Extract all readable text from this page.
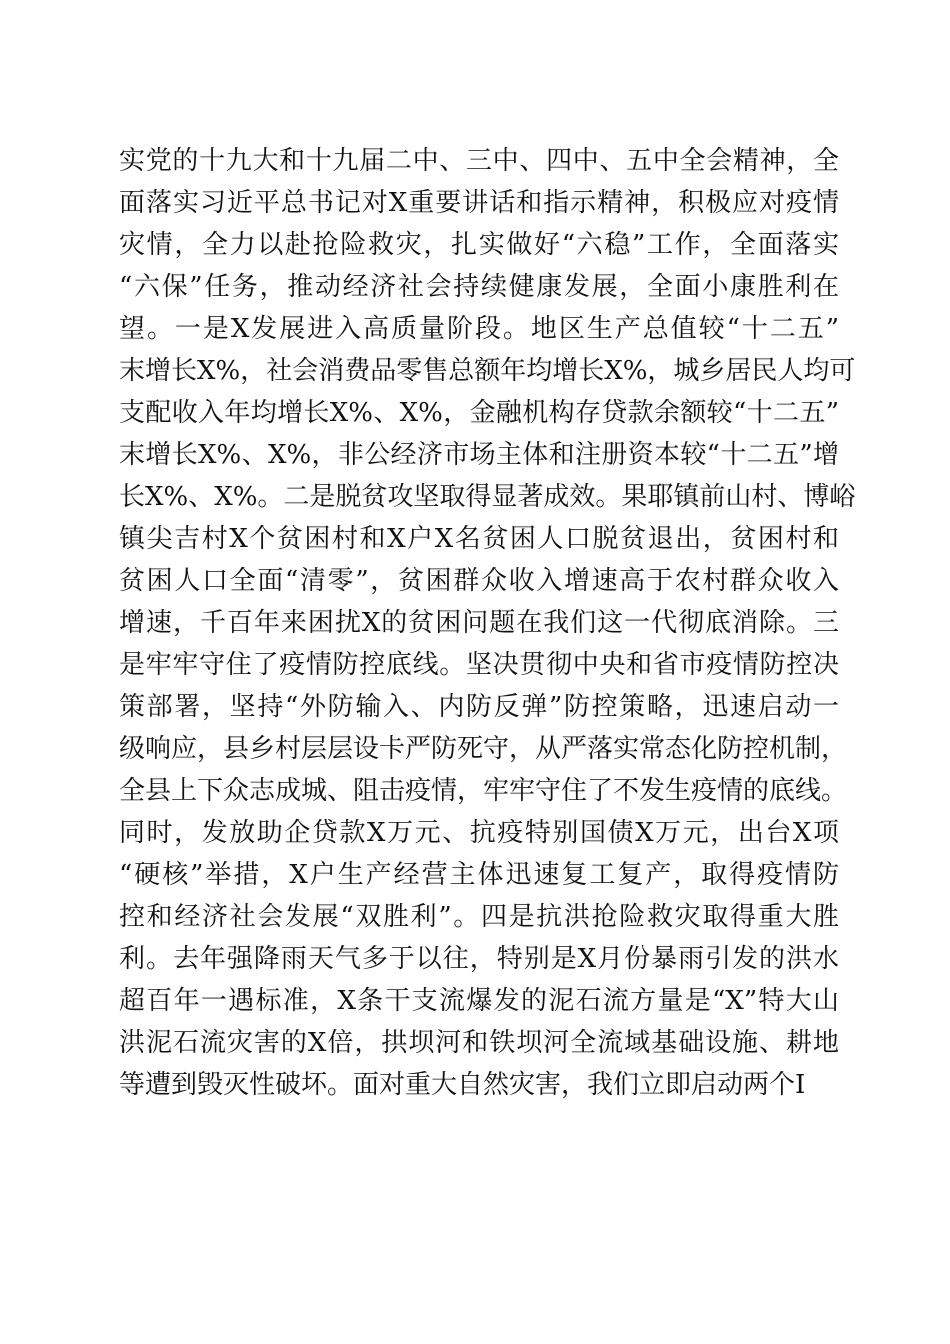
实党的十九大和十九届二中、三中、四中、五中全会精神，全
面落实习近平总书记对X重要讲话和指示精神，积极应对疫情
灾情，全力以赴抢险救灾，扎实做好“六稳”工作，全面落实
“六保”任务，推动经济社会持续健康发展，全面小康胜利在
望。一是X发展进入高质量阶段。地区生产总值较“十二五”
末增长X%，社会消费品零售总额年均增长X%，城乡居民人均可
支配收入年均增长X%、X%，金融机构存贷款余额较“十二五”
末增长X%、X%，非公经济市场主体和注册资本较“十二五”增
长X%、X%。二是脱贫攻坚取得显著成效。果耶镇前山村、博峪
镇尖吉村X个贫困村和X户X名贫困人口脱贫退出，贫困村和
贫困人口全面“清零”，贫困群众收入增速高于农村群众收入
增速，千百年来困扰X的贫困问题在我们这一代彻底消除。三
是牢牢守住了疫情防控底线。坚决贯彻中央和省市疫情防控决
策部署，坚持“外防输入、内防反弹”防控策略，迅速启动一
级响应，县乡村层层设卡严防死守，从严落实常态化防控机制，
全县上下众志成城、阻击疫情，牢牢守住了不发生疫情的底线。
同时，发放助企贷款X万元、抗疫特别国债X万元，出台X项
“硬核”举措，X户生产经营主体迅速复工复产，取得疫情防
控和经济社会发展“双胜利”。四是抗洪抢险救灾取得重大胜
利。去年强降雨天气多于以往，特别是X月份暴雨引发的洪水
超百年一遇标准，X条干支流爆发的泥石流方量是“X”特大山
洪泥石流灾害的X倍，拱坝河和铁坝河全流域基础设施、耕地
等遭到毁灭性破坏。面对重大自然灾害，我们立即启动两个Ⅰ
